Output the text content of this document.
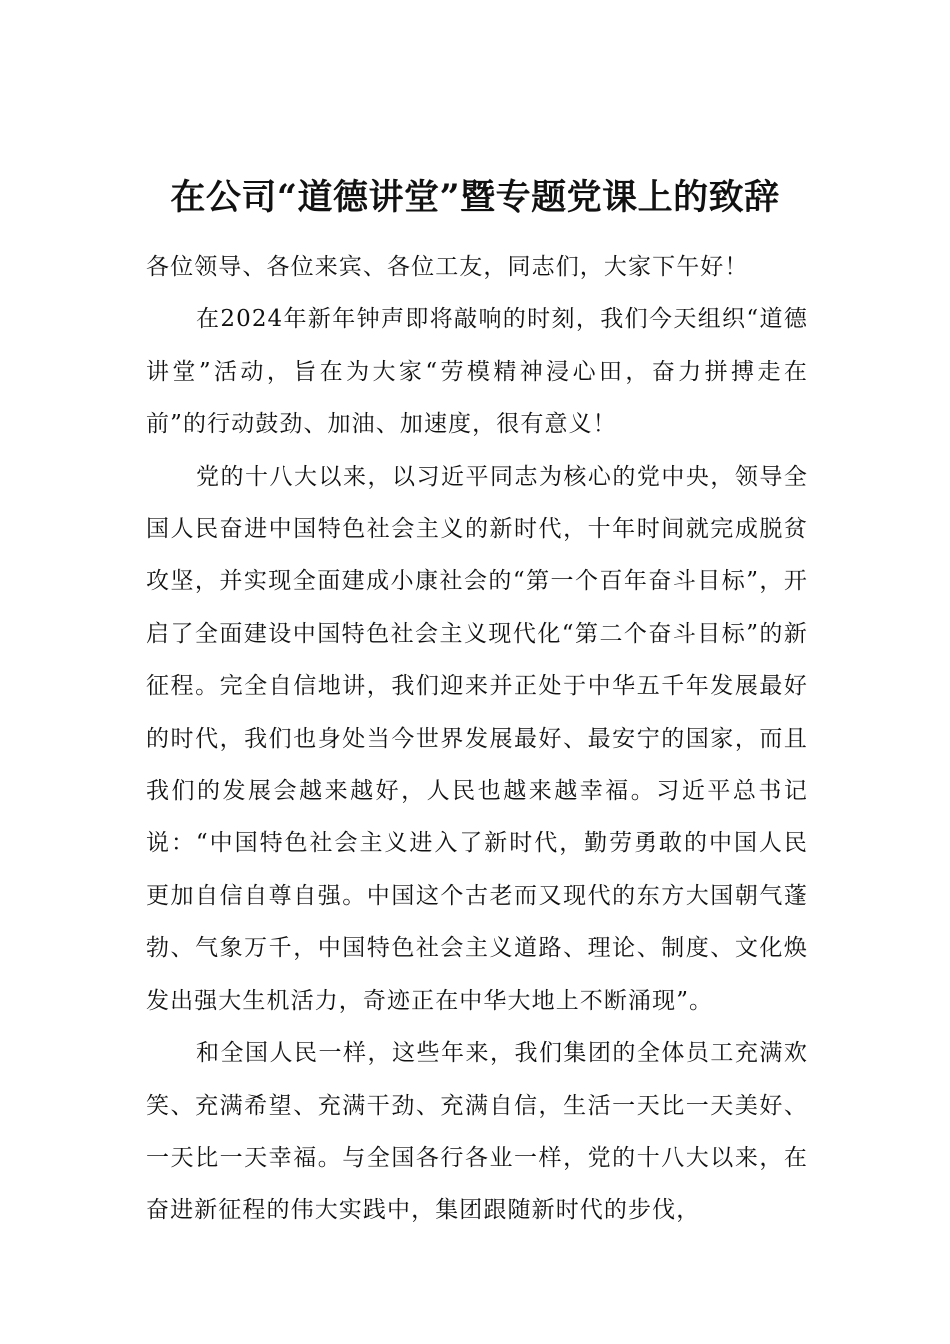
在公司“道德讲堂”暨专题党课上的致辞

各位领导、各位来宾、各位工友，同志们，大家下午好！

在2024年新年钟声即将敲响的时刻，我们今天组织“道德讲堂”活动，旨在为大家“劳模精神浸心田，奋力拼搏走在前”的行动鼓劲、加油、加速度，很有意义！

党的十八大以来，以习近平同志为核心的党中央，领导全国人民奋进中国特色社会主义的新时代，十年时间就完成脱贫攻坚，并实现全面建成小康社会的“第一个百年奋斗目标”，开启了全面建设中国特色社会主义现代化“第二个奋斗目标”的新征程。完全自信地讲，我们迎来并正处于中华五千年发展最好的时代，我们也身处当今世界发展最好、最安宁的国家，而且我们的发展会越来越好，人民也越来越幸福。习近平总书记说：“中国特色社会主义进入了新时代，勤劳勇敢的中国人民更加自信自尊自强。中国这个古老而又现代的东方大国朝气蓬勃、气象万千，中国特色社会主义道路、理论、制度、文化焕发出强大生机活力，奇迹正在中华大地上不断涌现”。

和全国人民一样，这些年来，我们集团的全体员工充满欢笑、充满希望、充满干劲、充满自信，生活一天比一天美好、一天比一天幸福。与全国各行各业一样，党的十八大以来，在奋进新征程的伟大实践中，集团跟随新时代的步伐，
